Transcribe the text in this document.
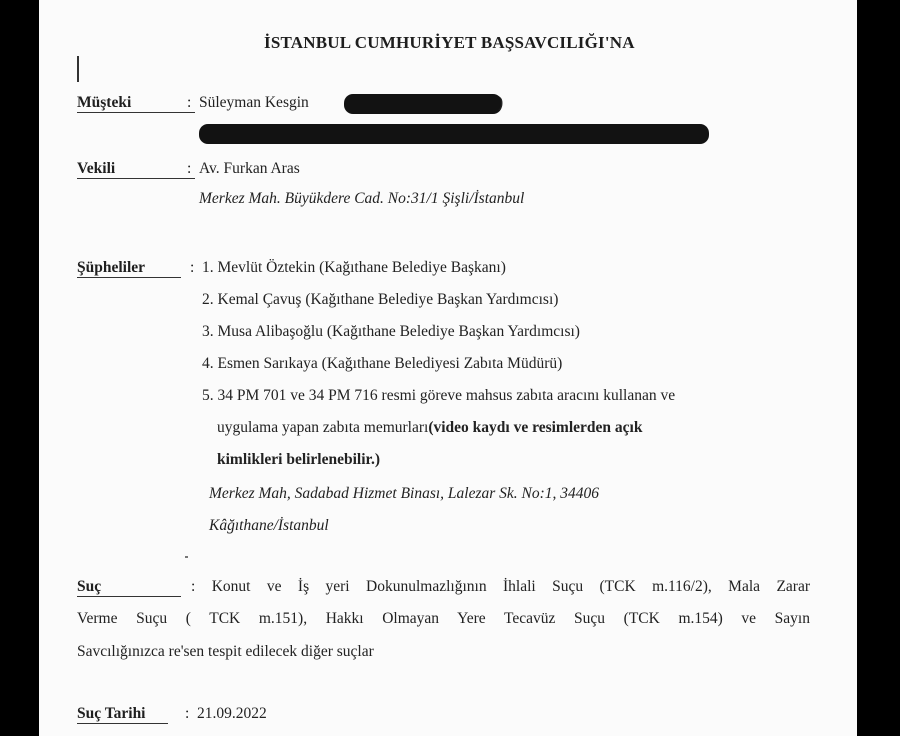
İSTANBUL CUMHURİYET BAŞSAVCILIĞI'NA
Müşteki	: Süleyman Kesgin	)
Vekili	: Av. Furkan Aras
Merkez Mah. Büyükdere Cad. No:31/1 Şişli/İstanbul
Şüpheliler	: 1. Mevlüt Öztekin (Kağıthane Belediye Başkanı)
2. Kemal Çavuş (Kağıthane Belediye Başkan Yardımcısı)
3. Musa Alibaşoğlu (Kağıthane Belediye Başkan Yardımcısı)
4. Esmen Sarıkaya (Kağıthane Belediyesi Zabıta Müdürü)
5. 34 PM 701 ve 34 PM 716 resmi göreve mahsus zabıta aracını kullanan ve
uygulama yapan zabıta memurları(video kaydı ve resimlerden açık
kimlikleri belirlenebilir.)
Merkez Mah, Sadabad Hizmet Binası, Lalezar Sk. No:1, 34406
Kâğıthane/İstanbul
Suç	: Konut ve İş yeri Dokunulmazlığının İhlali Suçu (TCK m.116/2), Mala Zarar
Verme Suçu ( TCK m.151), Hakkı Olmayan Yere Tecavüz Suçu (TCK m.154) ve Sayın
Savcılığınızca re'sen tespit edilecek diğer suçlar
Suç Tarihi	: 21.09.2022
